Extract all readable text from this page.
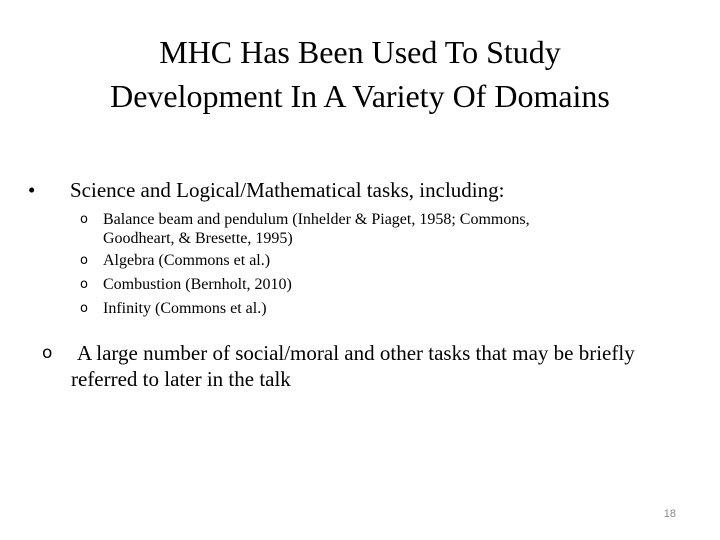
MHC Has Been Used To Study
Development In A Variety Of Domains
• Science and Logical/Mathematical tasks, including:
o Balance beam and pendulum (Inhelder & Piaget, 1958; Commons,
Goodheart, & Bresette, 1995)
o Algebra (Commons et al.)
o Combustion (Bernholt, 2010)
o Infinity (Commons et al.)
o	A large number of social/moral and other tasks that may be briefly referred to later in the talk
18
